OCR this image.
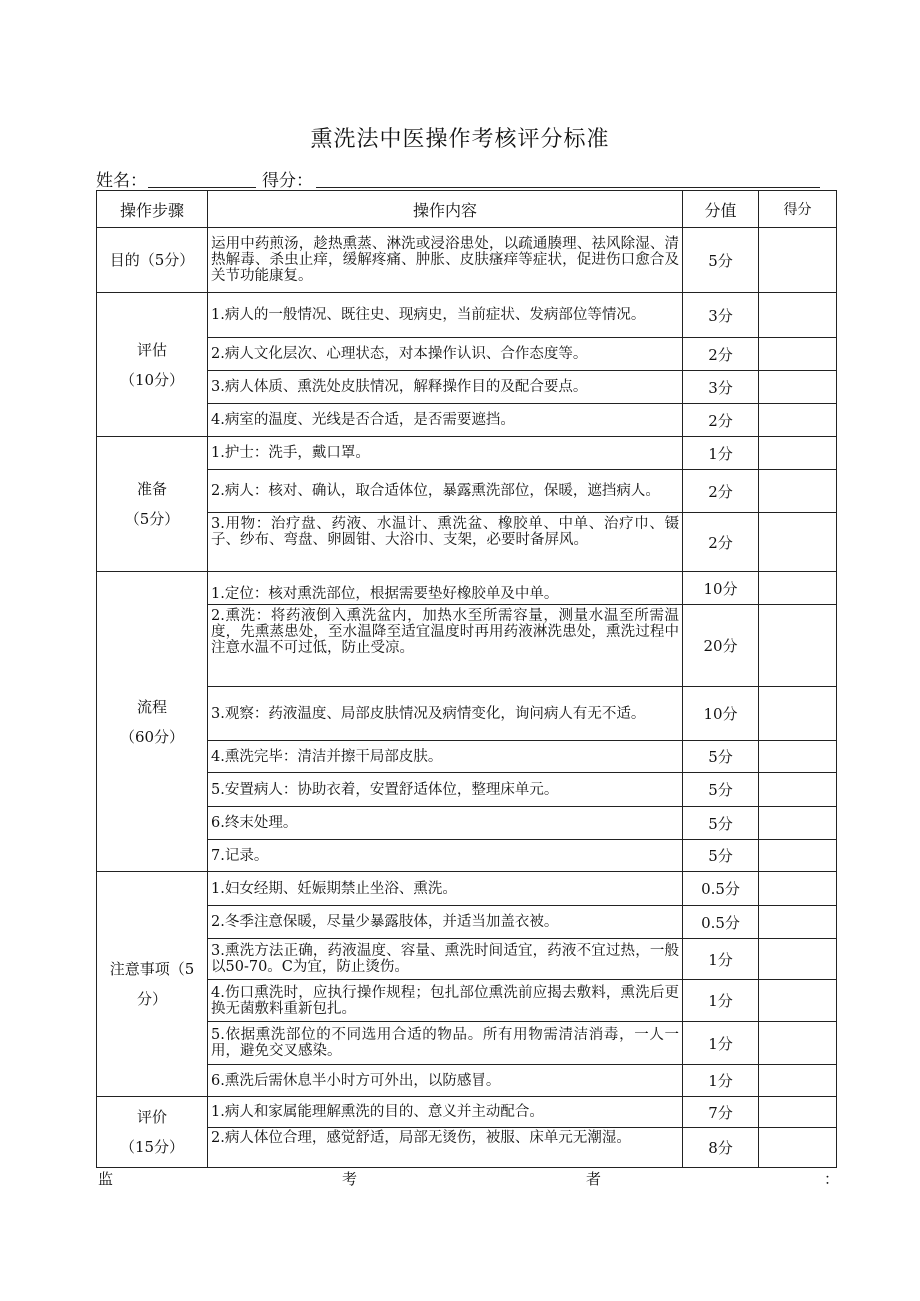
熏洗法中医操作考核评分标准
姓名：	得分：
操作步骤	操作内容	分值	得分
目的（5分）	运用中药煎汤，趁热熏蒸、淋洗或浸浴患处，以疏通腠理、祛风除湿、清热解毒、杀虫止痒，缓解疼痛、肿胀、皮肤瘙痒等症状，促进伤口愈合及关节功能康复。	5分	

评估
（10分）	1.病人的一般情况、既往史、现病史，当前症状、发病部位等情况。	3分	
	2.病人文化层次、心理状态，对本操作认识、合作态度等。	2分	
	3.病人体质、熏洗处皮肤情况，解释操作目的及配合要点。	3分	
	4.病室的温度、光线是否合适，是否需要遮挡。	2分	

准备
（5分）	1.护士：洗手，戴口罩。	1分	
	2.病人：核对、确认，取合适体位，暴露熏洗部位，保暖，遮挡病人。	2分	
	3.用物：治疗盘、药液、水温计、熏洗盆、橡胶单、中单、治疗巾、镊子、纱布、弯盘、卵圆钳、大浴巾、支架，必要时备屏风。	2分	

流程
（60分）	1.定位：核对熏洗部位，根据需要垫好橡胶单及中单。	10分	
	2.熏洗：将药液倒入熏洗盆内，加热水至所需容量，测量水温至所需温度，先熏蒸患处，至水温降至适宜温度时再用药液淋洗患处，熏洗过程中注意水温不可过低，防止受凉。	20分	
	3.观察：药液温度、局部皮肤情况及病情变化，询问病人有无不适。	10分	
	4.熏洗完毕：清洁并擦干局部皮肤。	5分	
	5.安置病人：协助衣着，安置舒适体位，整理床单元。	5分	
	6.终末处理。	5分	
	7.记录。	5分	
注意事项（5分）	1.妇女经期、妊娠期禁止坐浴、熏洗。	0.5分	
	2.冬季注意保暖，尽量少暴露肢体，并适当加盖衣被。	0.5分	
	3.熏洗方法正确，药液温度、容量、熏洗时间适宜，药液不宜过热，一般以50-70。C为宜，防止烫伤。	1分	
	4.伤口熏洗时，应执行操作规程；包扎部位熏洗前应揭去敷料，熏洗后更换无菌敷料重新包扎。	1分	
	5.依据熏洗部位的不同选用合适的物品。所有用物需清洁消毒，一人一用，避免交叉感染。	1分	
	6.熏洗后需休息半小时方可外出，以防感冒。	1分	

评价
（15分）	1.病人和家属能理解熏洗的目的、意义并主动配合。	7分	
	2.病人体位合理，感觉舒适，局部无烫伤，被服、床单元无潮湿。	8分	
监	考	者	：
